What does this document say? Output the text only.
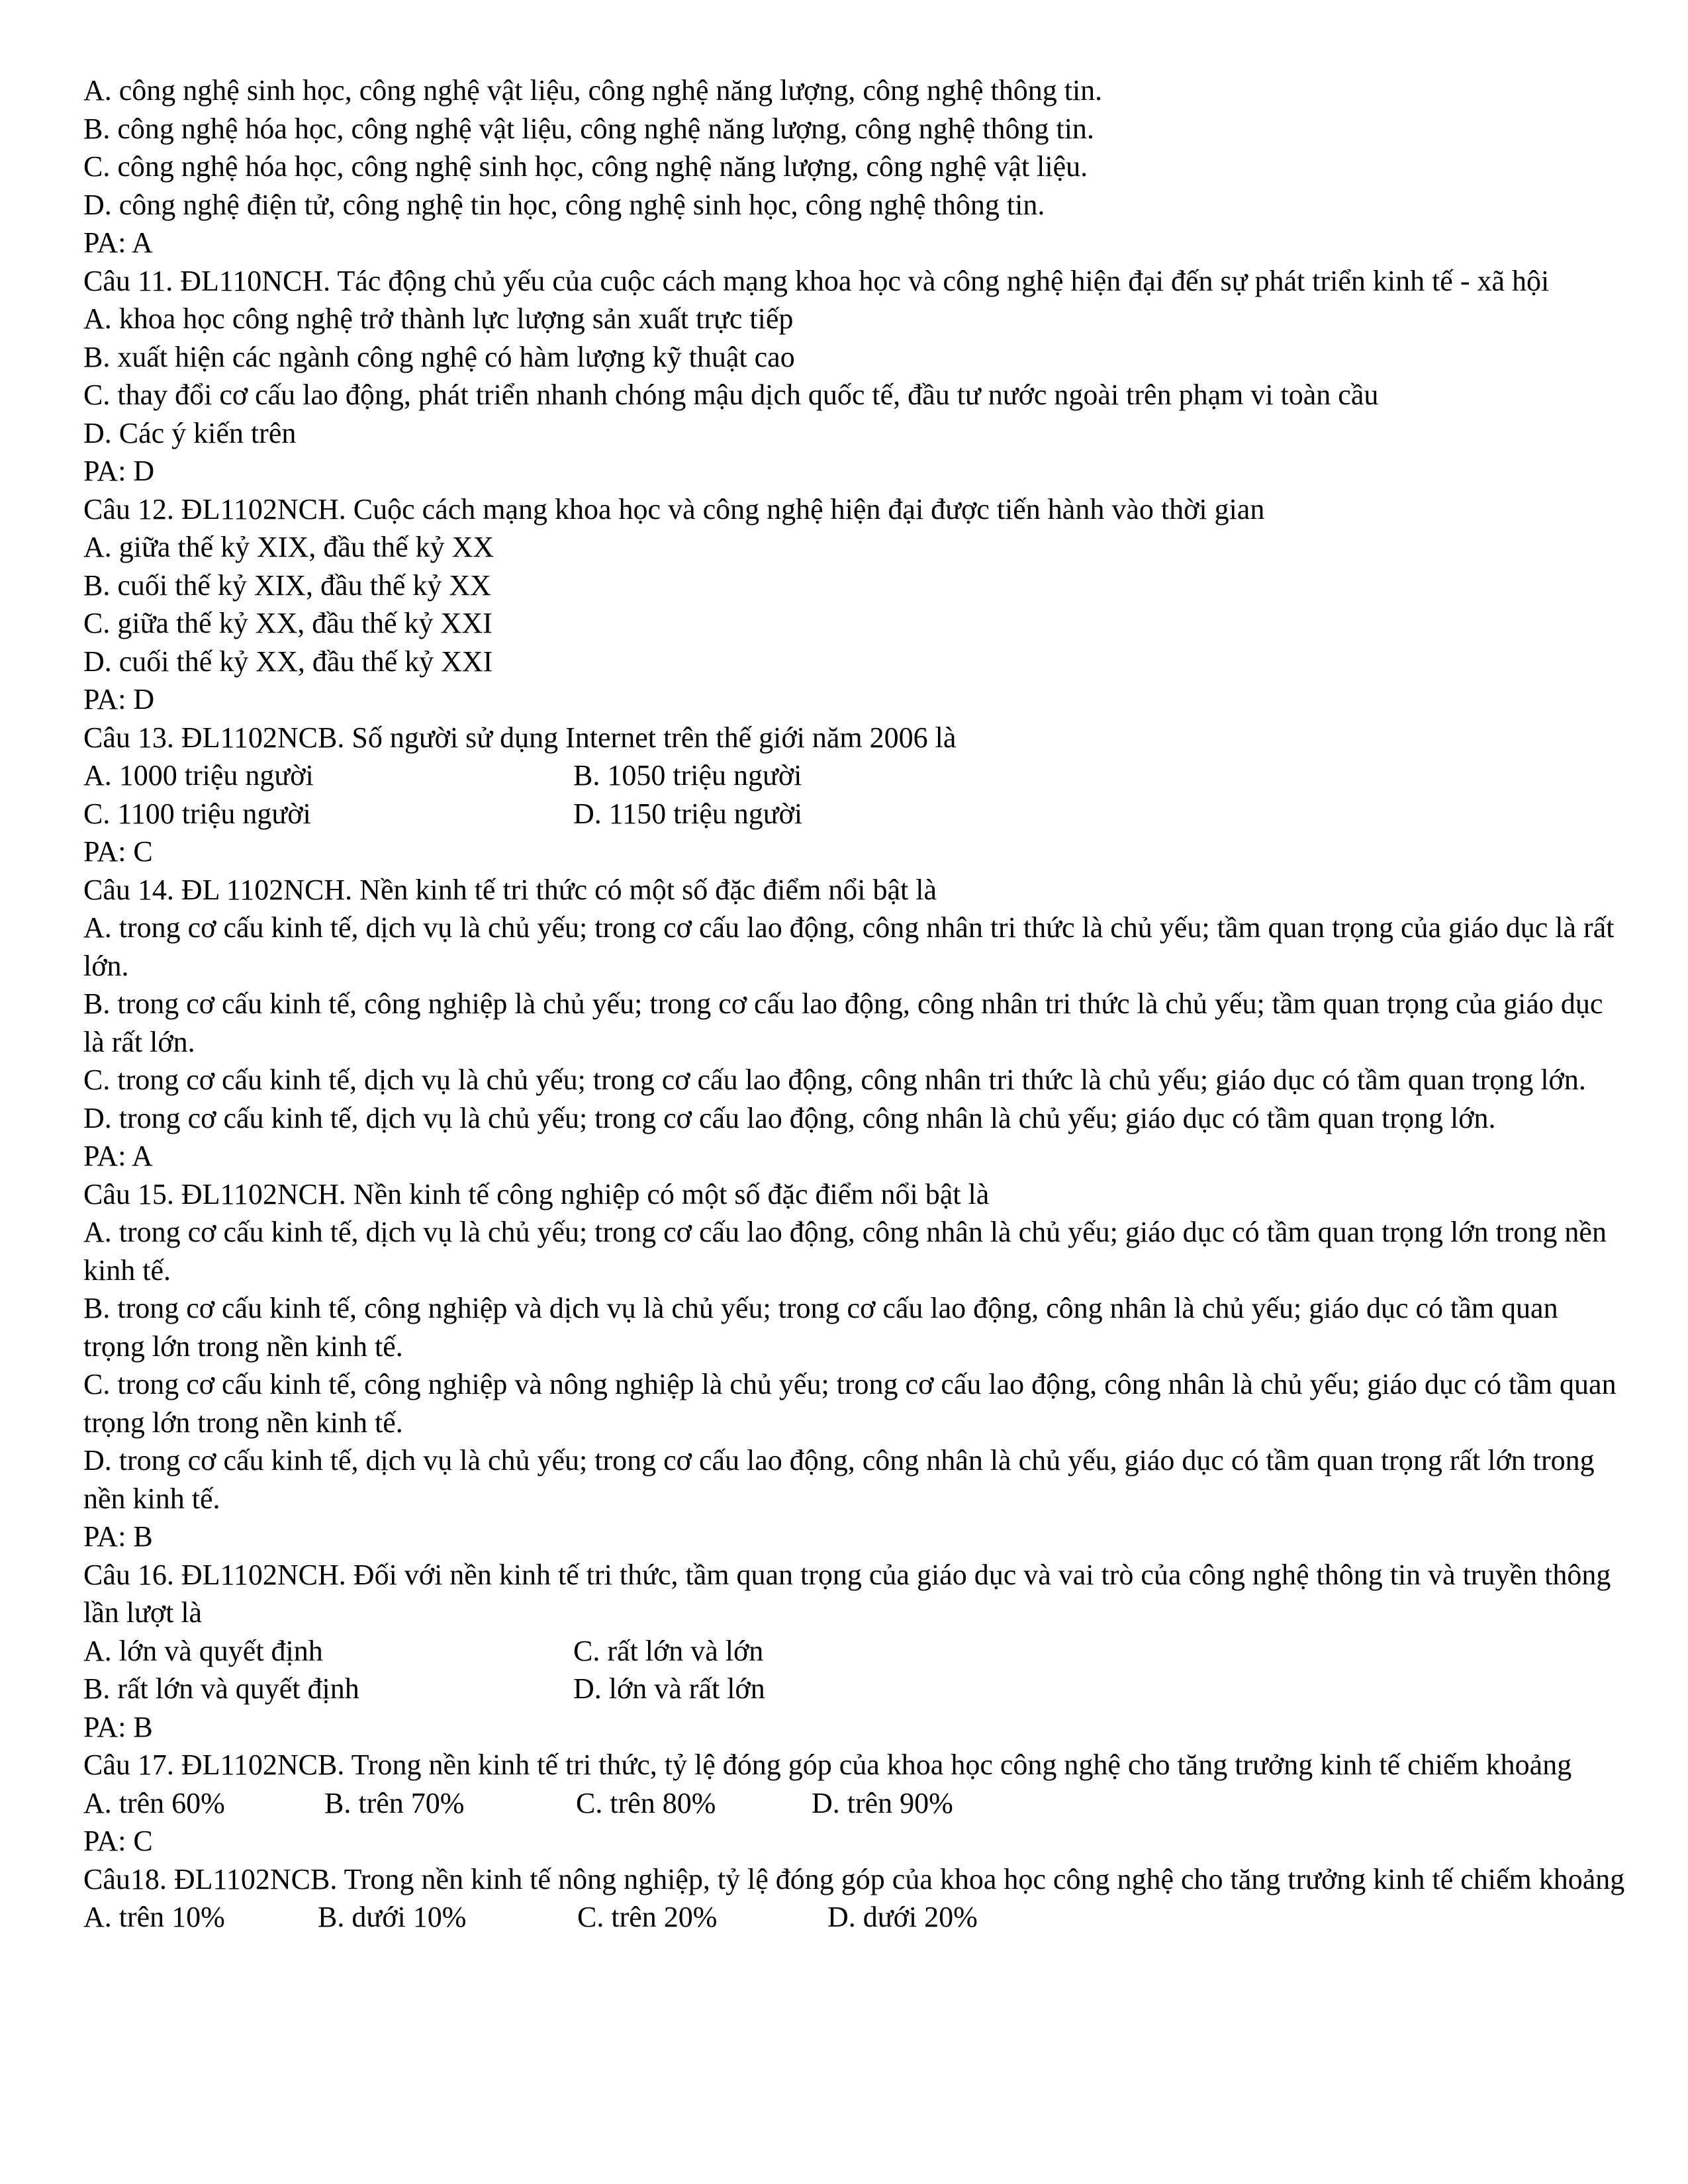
A. công nghệ sinh học, công nghệ vật liệu, công nghệ năng lượng, công nghệ thông tin.

B. công nghệ hóa học, công nghệ vật liệu, công nghệ năng lượng, công nghệ thông tin.

C. công nghệ hóa học, công nghệ sinh học, công nghệ năng lượng, công nghệ vật liệu.

D. công nghệ điện tử, công nghệ tin học, công nghệ sinh học, công nghệ thông tin.

PA: A

Câu 11. ĐL110NCH. Tác động chủ yếu của cuộc cách mạng khoa học và công nghệ hiện đại đến sự phát triển kinh tế - xã hội

A. khoa học công nghệ trở thành lực lượng sản xuất trực tiếp

B. xuất hiện các ngành công nghệ có hàm lượng kỹ thuật cao

C. thay đổi cơ cấu lao động, phát triển nhanh chóng mậu dịch quốc tế, đầu tư nước ngoài trên phạm vi toàn cầu

D. Các ý kiến trên

PA: D

Câu 12. ĐL1102NCH. Cuộc cách mạng khoa học và công nghệ hiện đại được tiến hành vào thời gian

A. giữa thế kỷ XIX, đầu thế kỷ XX

B. cuối thế kỷ XIX, đầu thế kỷ XX

C. giữa thế kỷ XX, đầu thế kỷ XXI

D. cuối thế kỷ XX, đầu thế kỷ XXI

PA: D

Câu 13. ĐL1102NCB. Số người sử dụng Internet trên thế giới năm 2006 là

A. 1000 triệu người	B. 1050 triệu người
C. 1100 triệu người	D. 1150 triệu người

PA: C

Câu 14. ĐL 1102NCH. Nền kinh tế tri thức có một số đặc điểm nổi bật là

A. trong cơ cấu kinh tế, dịch vụ là chủ yếu; trong cơ cấu lao động, công nhân tri thức là chủ yếu; tầm quan trọng của giáo dục là rất lớn.

B. trong cơ cấu kinh tế, công nghiệp là chủ yếu; trong cơ cấu lao động, công nhân tri thức là chủ yếu; tầm quan trọng của giáo dục là rất lớn.

C. trong cơ cấu kinh tế, dịch vụ là chủ yếu; trong cơ cấu lao động, công nhân tri thức là chủ yếu; giáo dục có tầm quan trọng lớn.

D. trong cơ cấu kinh tế, dịch vụ là chủ yếu; trong cơ cấu lao động, công nhân là chủ yếu; giáo dục có tầm quan trọng lớn.

PA: A

Câu 15. ĐL1102NCH. Nền kinh tế công nghiệp có một số đặc điểm nổi bật là

A. trong cơ cấu kinh tế, dịch vụ là chủ yếu; trong cơ cấu lao động, công nhân là chủ yếu; giáo dục có tầm quan trọng lớn trong nền kinh tế.

B. trong cơ cấu kinh tế, công nghiệp và dịch vụ là chủ yếu; trong cơ cấu lao động, công nhân là chủ yếu; giáo dục có tầm quan trọng lớn trong nền kinh tế.

C. trong cơ cấu kinh tế, công nghiệp và nông nghiệp là chủ yếu; trong cơ cấu lao động, công nhân là chủ yếu; giáo dục có tầm quan trọng lớn trong nền kinh tế.

D. trong cơ cấu kinh tế, dịch vụ là chủ yếu; trong cơ cấu lao động, công nhân là chủ yếu, giáo dục có tầm quan trọng rất lớn trong nền kinh tế.

PA: B

Câu 16. ĐL1102NCH. Đối với nền kinh tế tri thức, tầm quan trọng của giáo dục và vai trò của công nghệ thông tin và truyền thông lần lượt là

A. lớn và quyết định	C. rất lớn và lớn
B. rất lớn và quyết định	D. lớn và rất lớn

PA: B

Câu 17. ĐL1102NCB. Trong nền kinh tế tri thức, tỷ lệ đóng góp của khoa học công nghệ cho tăng trưởng kinh tế chiếm khoảng

A. trên 60%	B. trên 70%	C. trên 80%	D. trên 90%

PA: C

Câu18. ĐL1102NCB. Trong nền kinh tế nông nghiệp, tỷ lệ đóng góp của khoa học công nghệ cho tăng trưởng kinh tế chiếm khoảng

A. trên 10%	B. dưới 10%	C. trên 20%	D. dưới 20%
